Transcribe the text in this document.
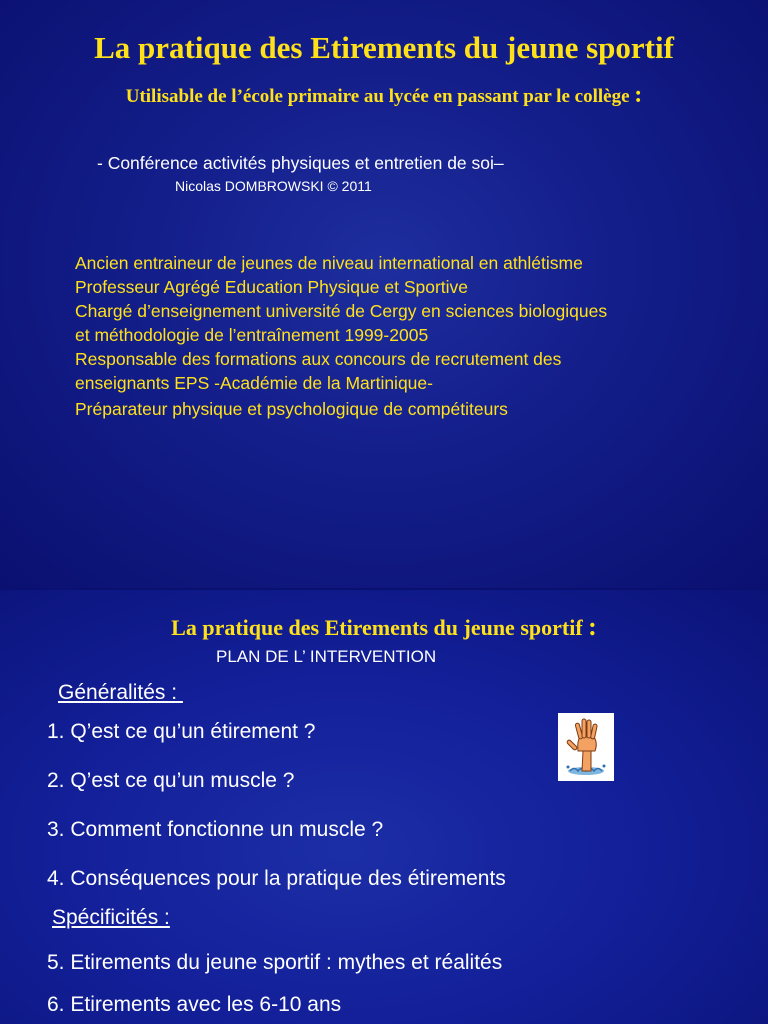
La pratique des Etirements du jeune sportif
Utilisable de l’école primaire au lycée en passant par le collège :
- Conférence activités physiques et entretien de soi–
Nicolas DOMBROWSKI © 2011
Ancien entraineur de jeunes de niveau international en athlétisme
Professeur Agrégé Education Physique et Sportive
Chargé d’enseignement université de Cergy en sciences biologiques
et méthodologie de l’entraînement 1999-2005
Responsable des formations aux concours de recrutement des
enseignants EPS -Académie de la Martinique-
Préparateur physique et psychologique de compétiteurs
La pratique des Etirements du jeune sportif :
PLAN DE L’ INTERVENTION
Généralités :
1. Q’est ce qu’un étirement ?
2. Q’est ce qu’un muscle ?
3. Comment fonctionne un muscle ?
4. Conséquences pour la pratique des étirements
Spécificités :
5. Etirements du jeune sportif : mythes et réalités
6. Etirements avec les 6-10 ans
